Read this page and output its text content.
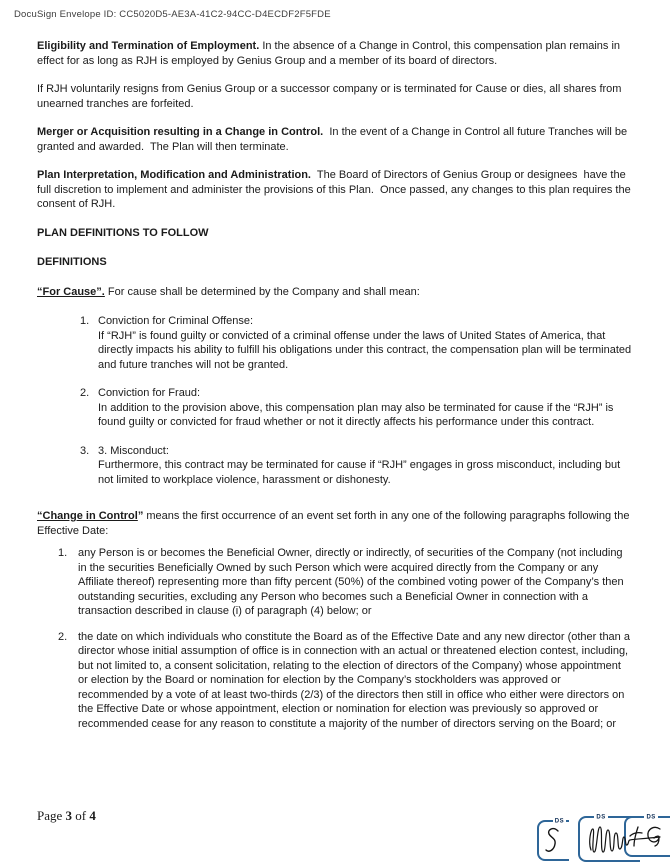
DocuSign Envelope ID: CC5020D5-AE3A-41C2-94CC-D4ECDF2F5FDE

Eligibility and Termination of Employment. In the absence of a Change in Control, this compensation plan remains in effect for as long as RJH is employed by Genius Group and a member of its board of directors.

If RJH voluntarily resigns from Genius Group or a successor company or is terminated for Cause or dies, all shares from unearned tranches are forfeited.

Merger or Acquisition resulting in a Change in Control.  In the event of a Change in Control all future Tranches will be granted and awarded.  The Plan will then terminate.

Plan Interpretation, Modification and Administration.  The Board of Directors of Genius Group or designees  have the full discretion to implement and administer the provisions of this Plan.  Once passed, any changes to this plan requires the consent of RJH.

PLAN DEFINITIONS TO FOLLOW

DEFINITIONS

“For Cause”. For cause shall be determined by the Company and shall mean:

1. Conviction for Criminal Offense:
If “RJH” is found guilty or convicted of a criminal offense under the laws of United States of America, that directly impacts his ability to fulfill his obligations under this contract, the compensation plan will be terminated and future tranches will not be granted.
2. Conviction for Fraud:
In addition to the provision above, this compensation plan may also be terminated for cause if the “RJH” is found guilty or convicted for fraud whether or not it directly affects his performance under this contract.
3. 3. Misconduct:
Furthermore, this contract may be terminated for cause if “RJH” engages in gross misconduct, including but not limited to workplace violence, harassment or dishonesty.

“Change in Control” means the first occurrence of an event set forth in any one of the following paragraphs following the Effective Date:

1. any Person is or becomes the Beneficial Owner, directly or indirectly, of securities of the Company (not including in the securities Beneficially Owned by such Person which were acquired directly from the Company or any Affiliate thereof) representing more than fifty percent (50%) of the combined voting power of the Company’s then outstanding securities, excluding any Person who becomes such a Beneficial Owner in connection with a transaction described in clause (i) of paragraph (4) below; or
2. the date on which individuals who constitute the Board as of the Effective Date and any new director (other than a director whose initial assumption of office is in connection with an actual or threatened election contest, including, but not limited to, a consent solicitation, relating to the election of directors of the Company) whose appointment or election by the Board or nomination for election by the Company’s stockholders was approved or recommended by a vote of at least two-thirds (2/3) of the directors then still in office who either were directors on the Effective Date or whose appointment, election or nomination for election was previously so approved or recommended cease for any reason to constitute a majority of the number of directors serving on the Board; or
Page 3 of 4	DS
DS	DS
